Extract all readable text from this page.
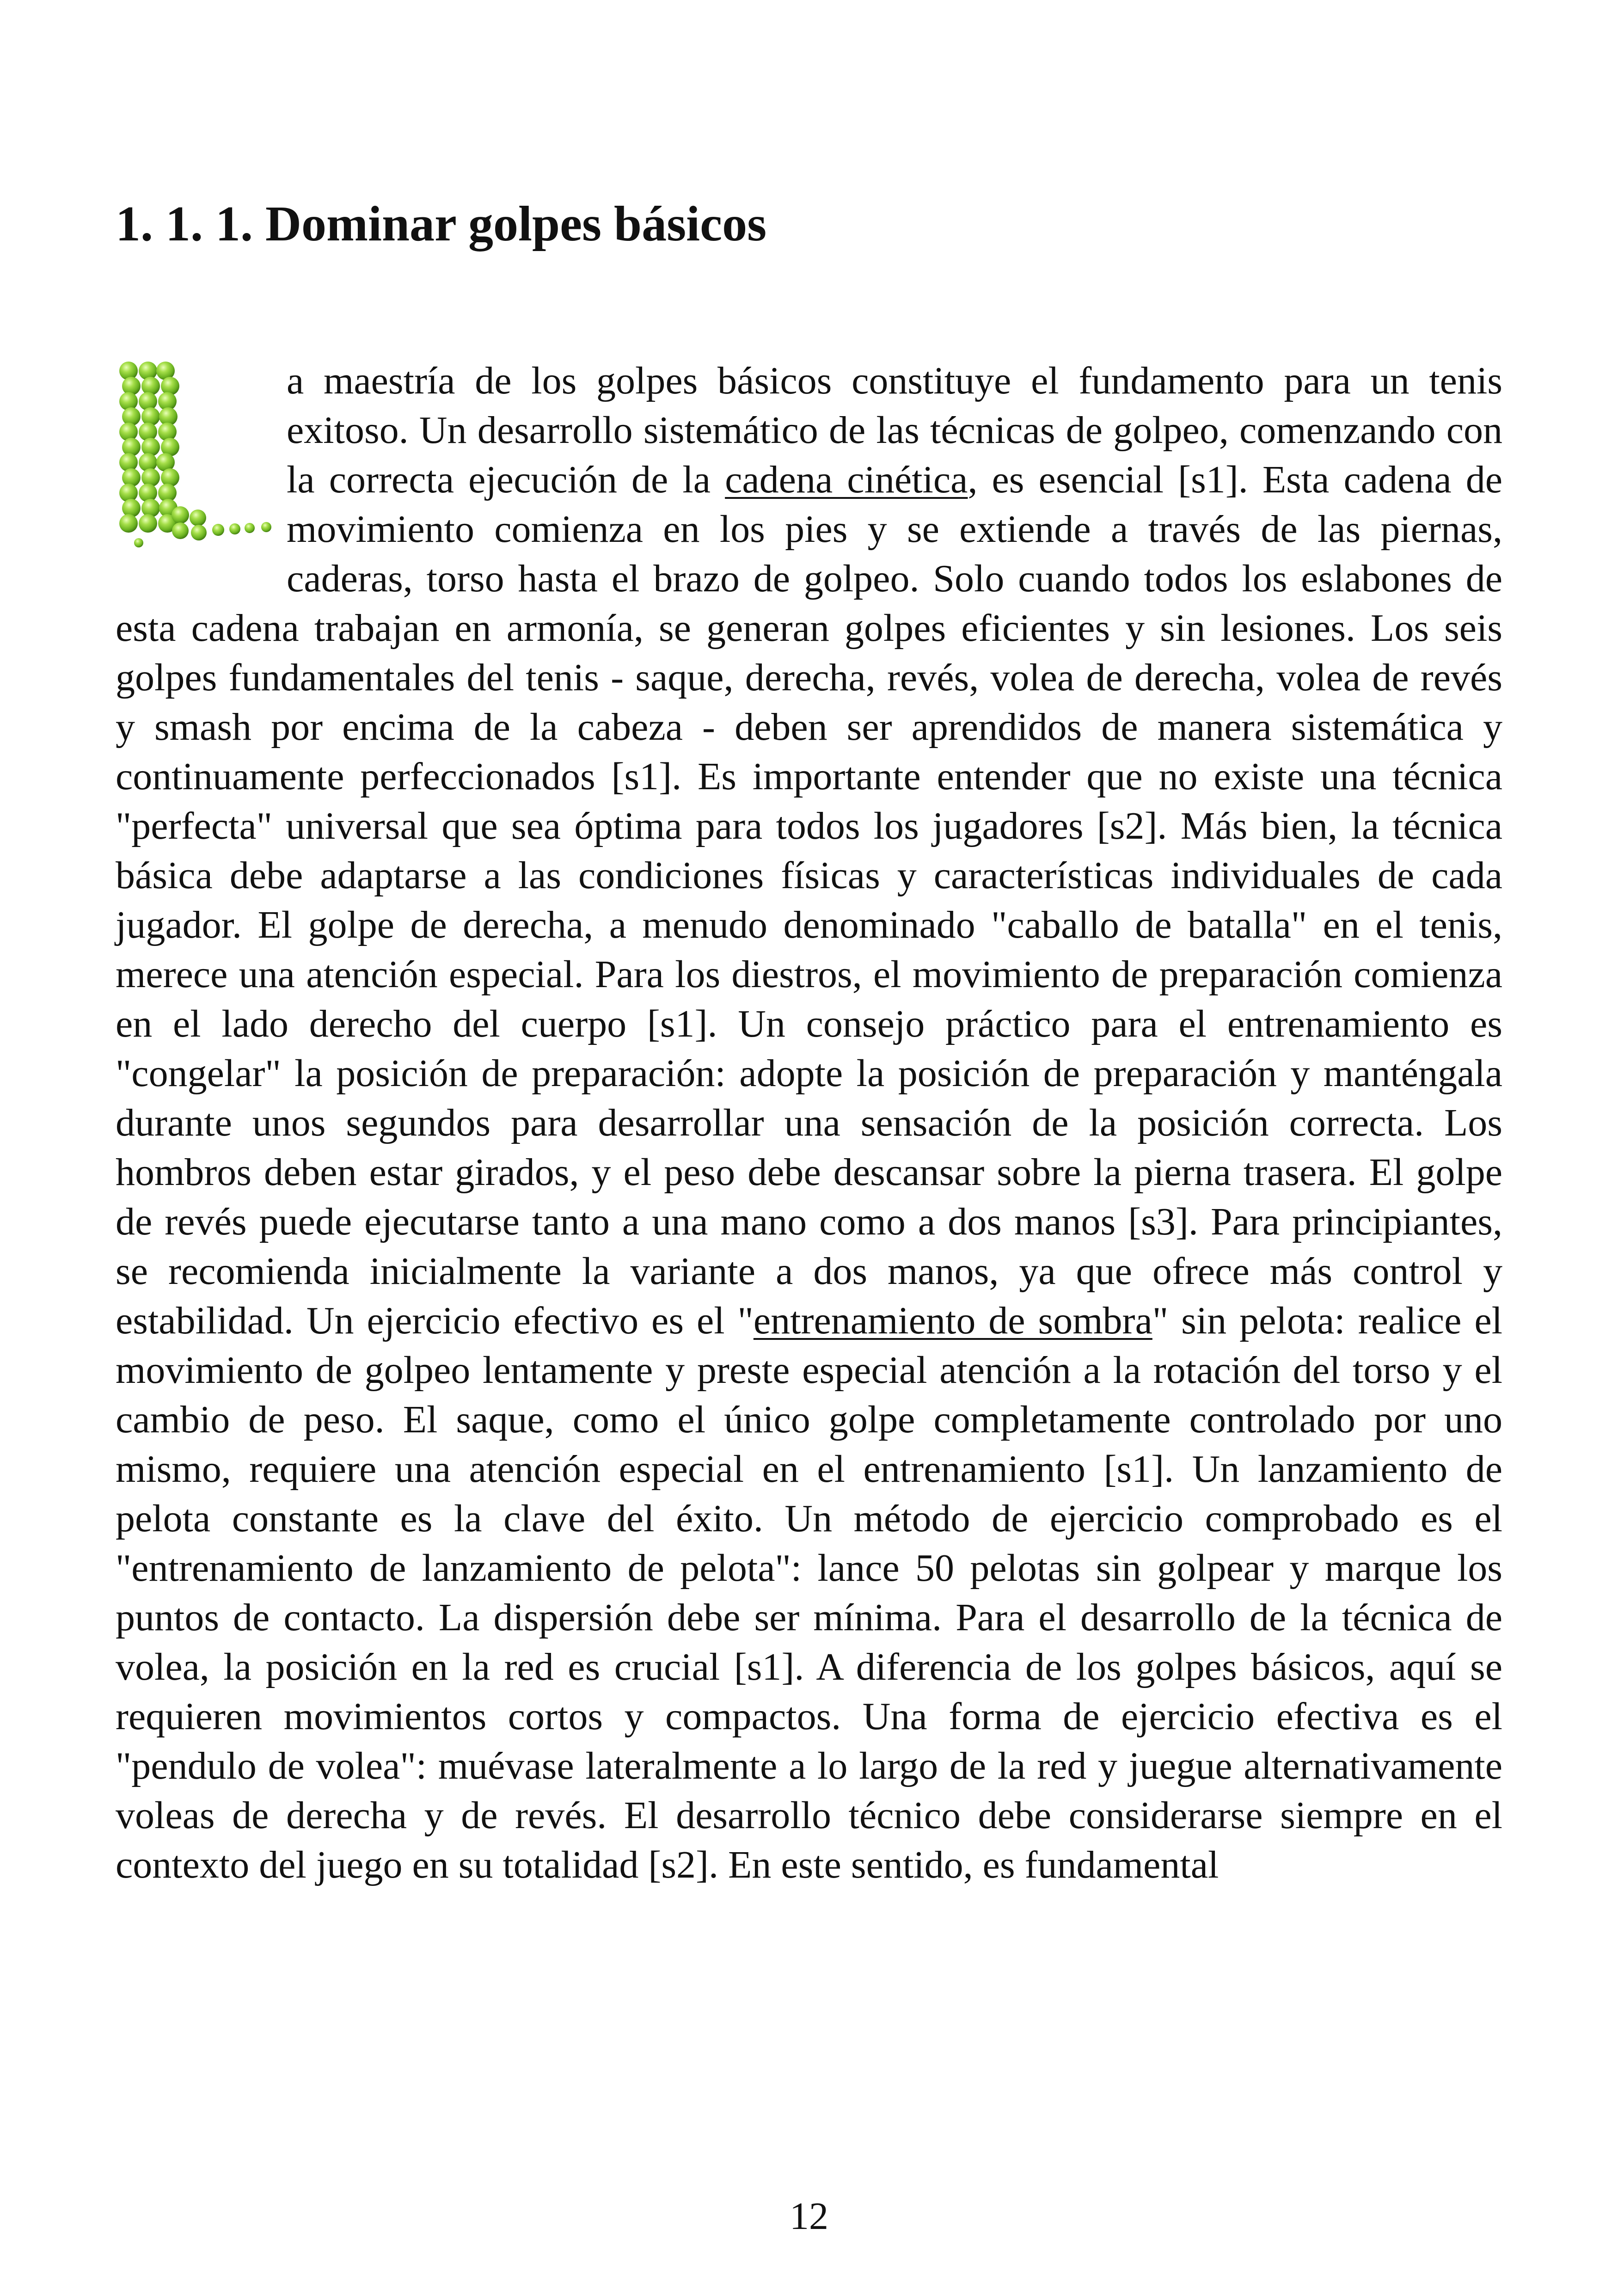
1. 1. 1. Dominar golpes básicos

a maestría de los golpes básicos constituye el fundamento para un tenis exitoso. Un desarrollo sistemático de las técnicas de golpeo, comenzando con la correcta ejecución de la cadena cinética, es esencial [s1]. Esta cadena de movimiento comienza en los pies y se extiende a través de las piernas, caderas, torso hasta el brazo de golpeo. Solo cuando todos los eslabones de esta cadena trabajan en armonía, se generan golpes eficientes y sin lesiones. Los seis golpes fundamentales del tenis - saque, derecha, revés, volea de derecha, volea de revés y smash por encima de la cabeza - deben ser aprendidos de manera sistemática y continuamente perfeccionados [s1]. Es importante entender que no existe una técnica "perfecta" universal que sea óptima para todos los jugadores [s2]. Más bien, la técnica básica debe adaptarse a las condiciones físicas y características individuales de cada jugador. El golpe de derecha, a menudo denominado "caballo de batalla" en el tenis, merece una atención especial. Para los diestros, el movimiento de preparación comienza en el lado derecho del cuerpo [s1]. Un consejo práctico para el entrenamiento es "congelar" la posición de preparación: adopte la posición de preparación y manténgala durante unos segundos para desarrollar una sensación de la posición correcta. Los hombros deben estar girados, y el peso debe descansar sobre la pierna trasera. El golpe de revés puede ejecutarse tanto a una mano como a dos manos [s3]. Para principiantes, se recomienda inicialmente la variante a dos manos, ya que ofrece más control y estabilidad. Un ejercicio efectivo es el "entrenamiento de sombra" sin pelota: realice el movimiento de golpeo lentamente y preste especial atención a la rotación del torso y el cambio de peso. El saque, como el único golpe completamente controlado por uno mismo, requiere una atención especial en el entrenamiento [s1]. Un lanzamiento de pelota constante es la clave del éxito. Un método de ejercicio comprobado es el "entrenamiento de lanzamiento de pelota": lance 50 pelotas sin golpear y marque los puntos de contacto. La dispersión debe ser mínima. Para el desarrollo de la técnica de volea, la posición en la red es crucial [s1]. A diferencia de los golpes básicos, aquí se requieren movimientos cortos y compactos. Una forma de ejercicio efectiva es el "pendulo de volea": muévase lateralmente a lo largo de la red y juegue alternativamente voleas de derecha y de revés. El desarrollo técnico debe considerarse siempre en el contexto del juego en su totalidad [s2]. En este sentido, es fundamental

12
